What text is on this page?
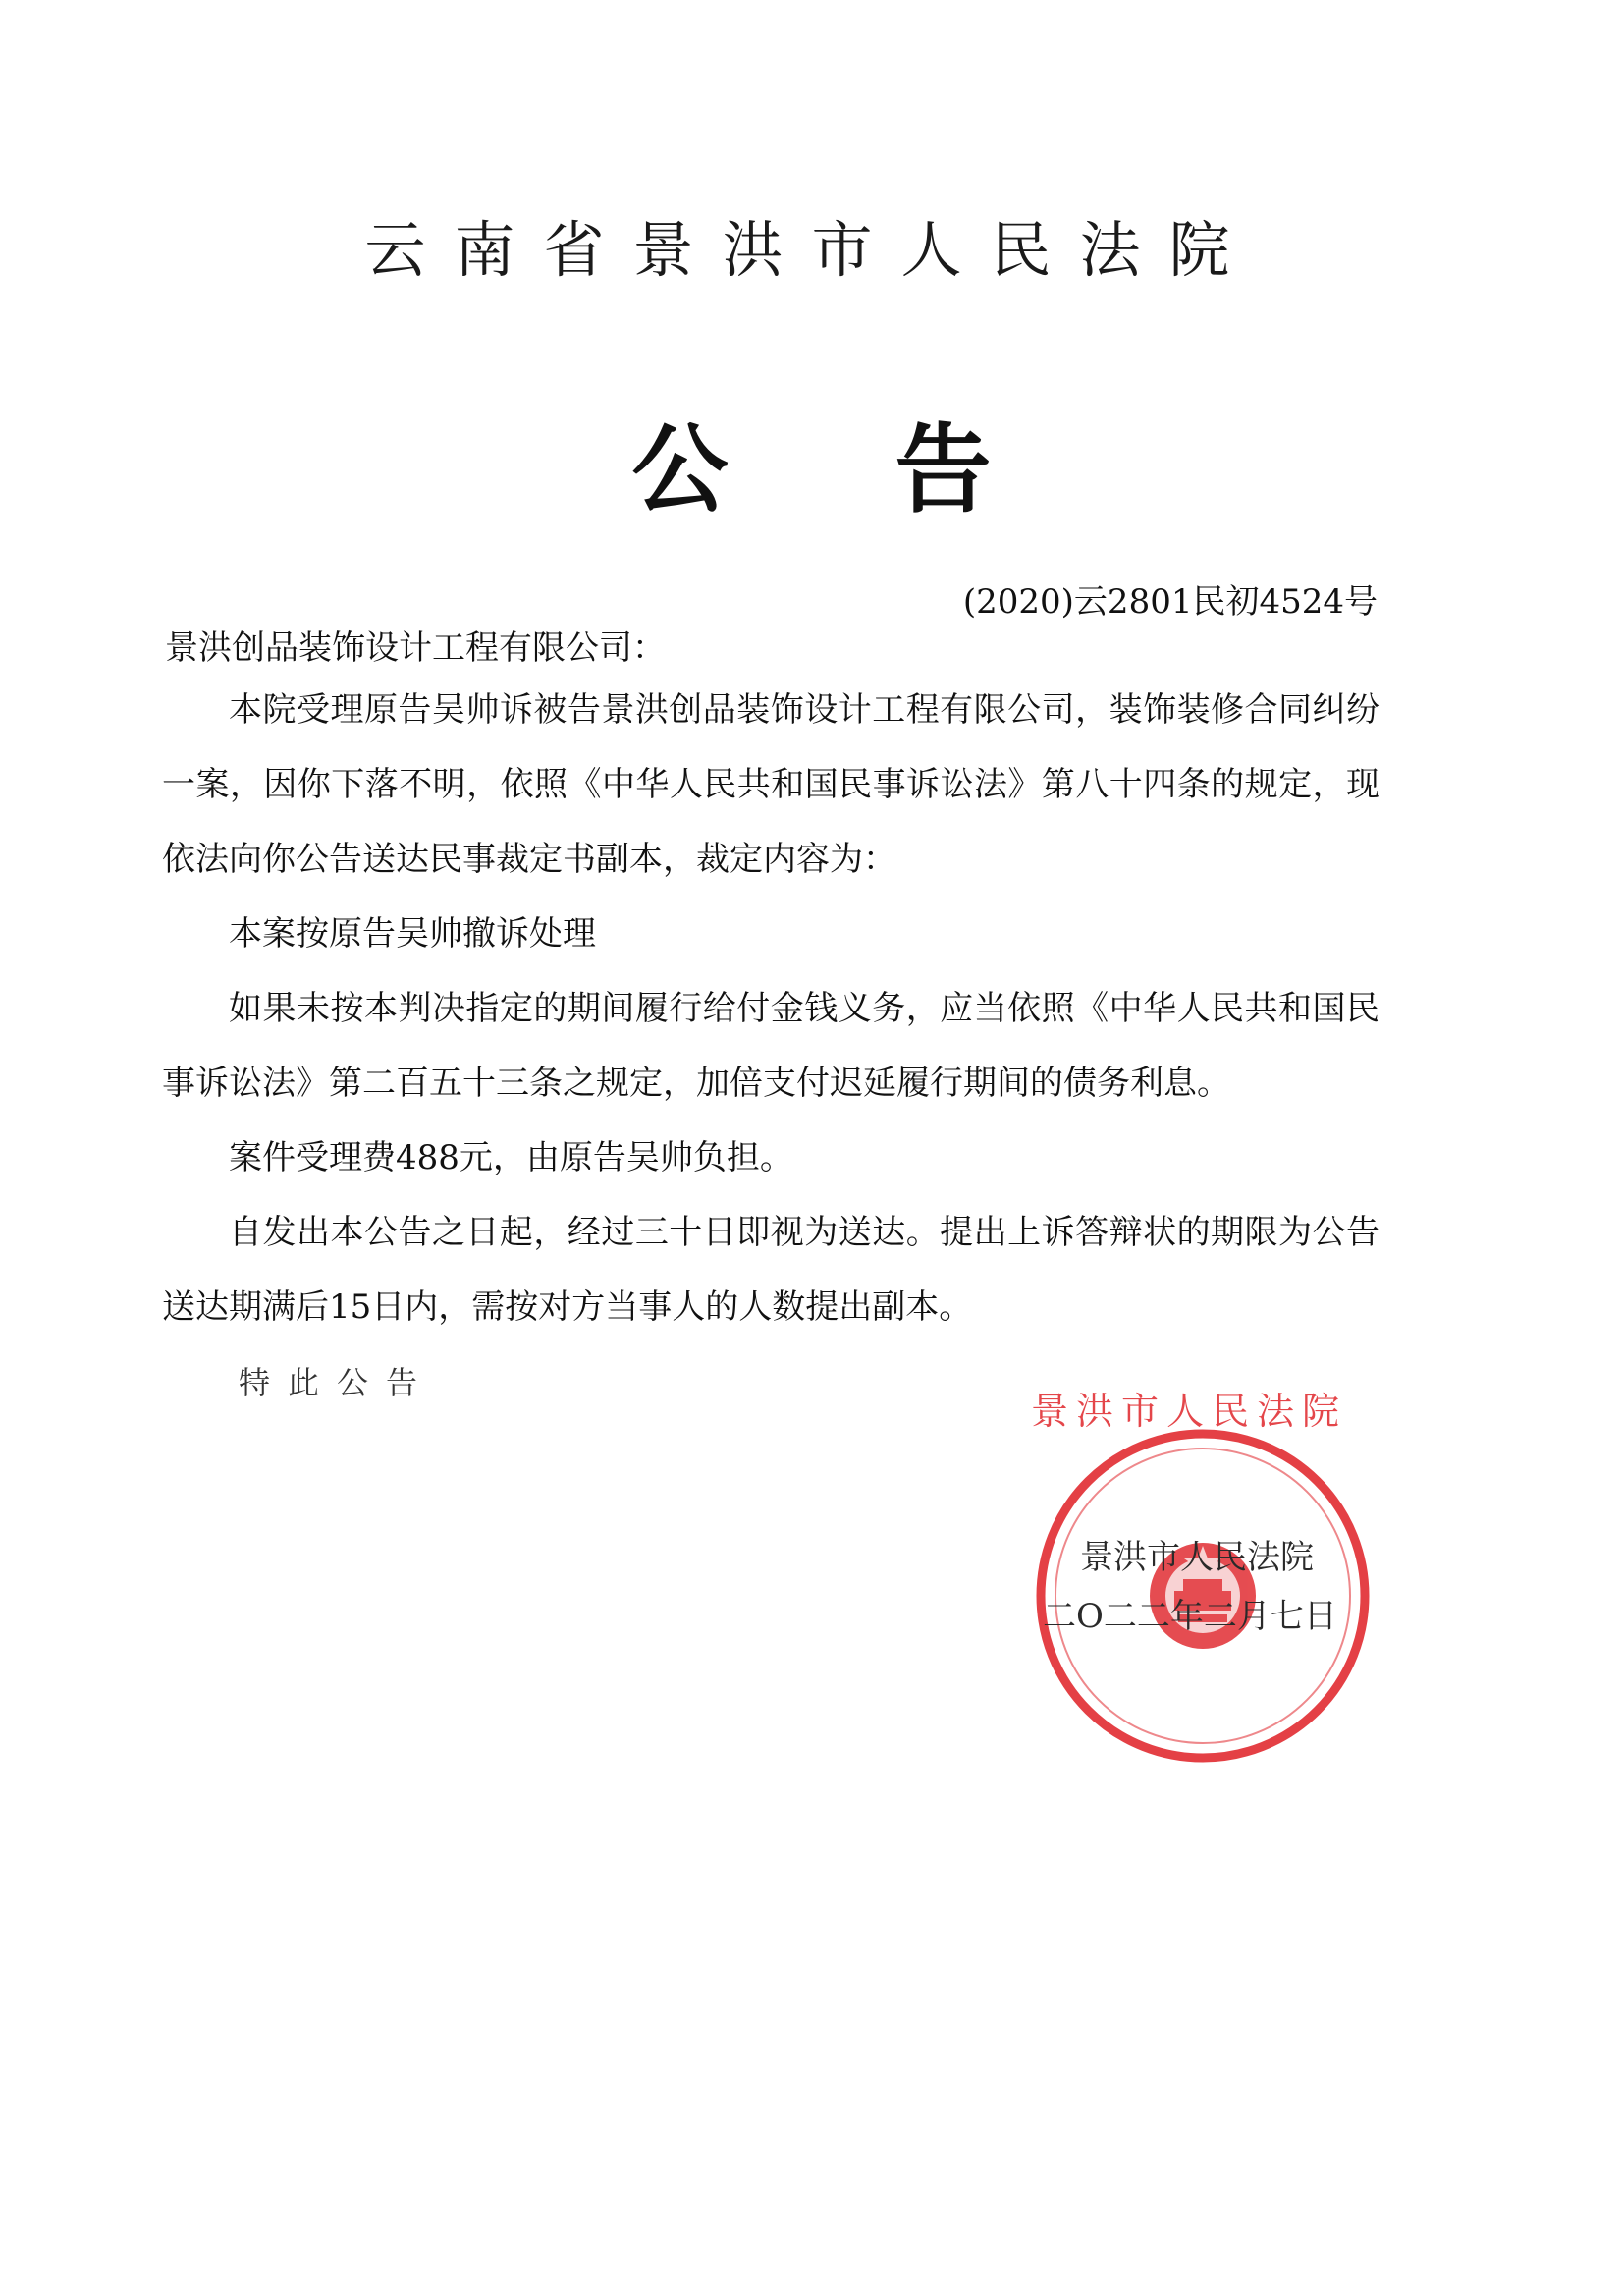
云南省景洪市人民法院
公告
(2020)云2801民初4524号
景洪创品装饰设计工程有限公司：
本院受理原告吴帅诉被告景洪创品装饰设计工程有限公司，装饰装修合同纠纷一案，因你下落不明，依照《中华人民共和国民事诉讼法》第八十四条的规定，现依法向你公告送达民事裁定书副本，裁定内容为：
本案按原告吴帅撤诉处理
如果未按本判决指定的期间履行给付金钱义务，应当依照《中华人民共和国民事诉讼法》第二百五十三条之规定，加倍支付迟延履行期间的债务利息。
案件受理费488元，由原告吴帅负担。
自发出本公告之日起，经过三十日即视为送达。提出上诉答辩状的期限为公告送达期满后15日内，需按对方当事人的人数提出副本。
特此公告
景洪市人民法院
景洪市人民法院
二O二二年二月七日
